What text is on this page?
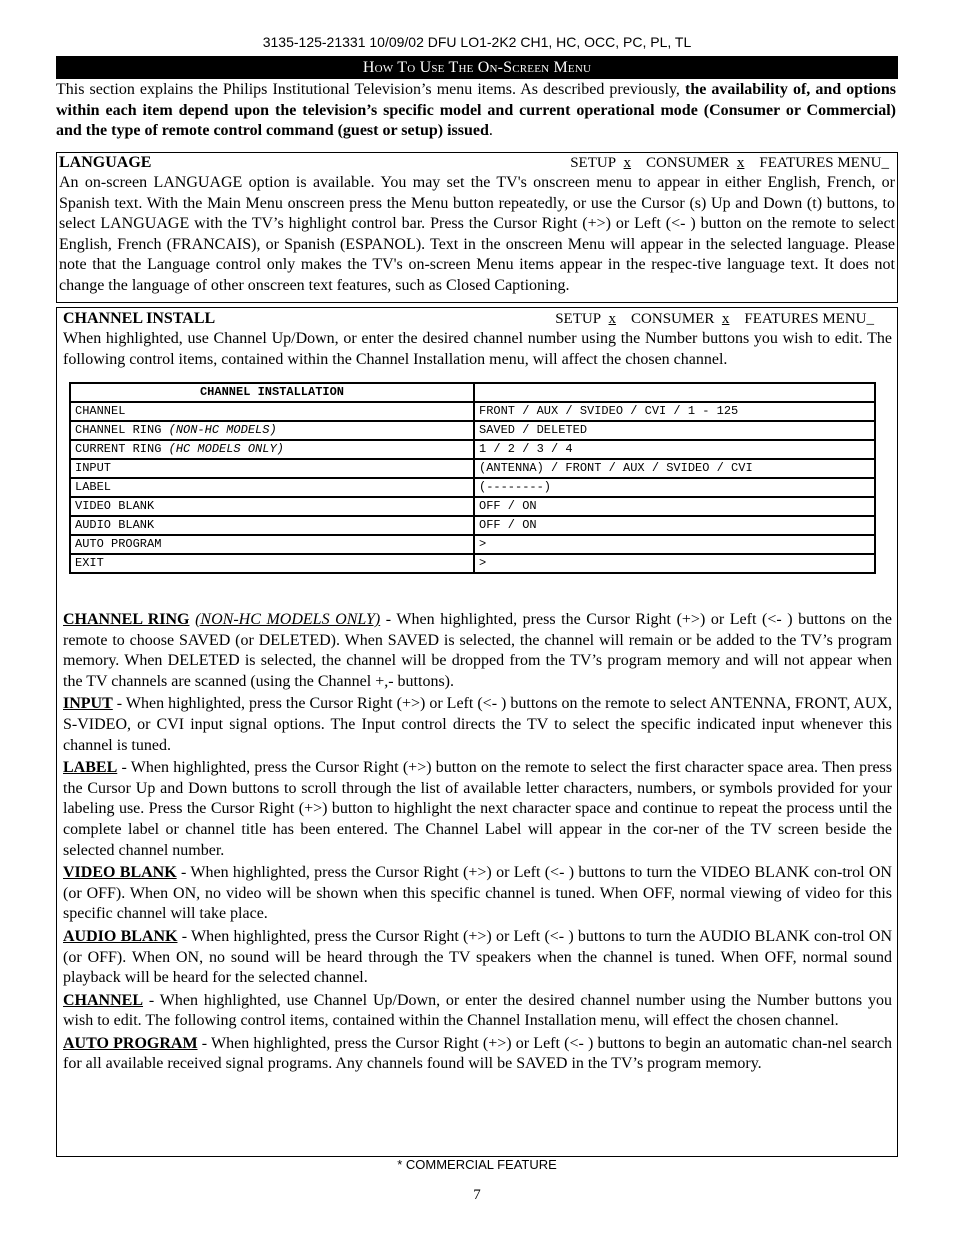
3135-125-21331 10/09/02 DFU LO1-2K2 CH1, HC, OCC, PC, PL, TL
How To Use The On-Screen Menu
This section explains the Philips Institutional Television’s menu items. As described previously, the availability of, and options within each item depend upon the television’s specific model and current operational mode (Consumer or Commercial) and the type of remote control command (guest or setup) issued.
LANGUAGE	SETUP x CONSUMER x FEATURES MENU_
An on-screen LANGUAGE option is available. You may set the TV's onscreen menu to appear in either English, French, or Spanish text. With the Main Menu onscreen press the Menu button repeatedly, or use the Cursor (s) Up and Down (t) buttons, to select LANGUAGE with the TV’s highlight control bar. Press the Cursor Right (+>) or Left (<- ) button on the remote to select English, French (FRANCAIS), or Spanish (ESPANOL). Text in the onscreen Menu will appear in the selected language. Please note that the Language control only makes the TV's on-screen Menu items appear in the respec-tive language text. It does not change the language of other onscreen text features, such as Closed Captioning.
CHANNEL INSTALL	SETUP x CONSUMER x FEATURES MENU_
When highlighted, use Channel Up/Down, or enter the desired channel number using the Number buttons you wish to edit. The following control items, contained within the Channel Installation menu, will affect the chosen channel.
CHANNEL INSTALLATION	
CHANNEL	FRONT / AUX / SVIDEO / CVI / 1 - 125
CHANNEL RING (NON-HC MODELS)	SAVED / DELETED
CURRENT RING (HC MODELS ONLY)	1 / 2 / 3 / 4
INPUT	(ANTENNA) / FRONT / AUX / SVIDEO / CVI
LABEL	(--------)
VIDEO BLANK	OFF / ON
AUDIO BLANK	OFF / ON
AUTO PROGRAM	>
EXIT	>

CHANNEL RING (NON-HC MODELS ONLY) - When highlighted, press the Cursor Right (+>) or Left (<- ) buttons on the remote to choose SAVED (or DELETED). When SAVED is selected, the channel will remain or be added to the TV’s program memory. When DELETED is selected, the channel will be dropped from the TV’s program memory and will not appear when the TV channels are scanned (using the Channel +,- buttons).

INPUT - When highlighted, press the Cursor Right (+>) or Left (<- ) buttons on the remote to select ANTENNA, FRONT, AUX, S-VIDEO, or CVI input signal options. The Input control directs the TV to select the specific indicated input whenever this channel is tuned.

LABEL - When highlighted, press the Cursor Right (+>) button on the remote to select the first character space area. Then press the Cursor Up and Down buttons to scroll through the list of available letter characters, numbers, or symbols provided for your labeling use. Press the Cursor Right (+>) button to highlight the next character space and continue to repeat the process until the complete label or channel title has been entered. The Channel Label will appear in the cor-ner of the TV screen beside the selected channel number.

VIDEO BLANK - When highlighted, press the Cursor Right (+>) or Left (<- ) buttons to turn the VIDEO BLANK con-trol ON (or OFF). When ON, no video will be shown when this specific channel is tuned. When OFF, normal viewing of video for this specific channel will take place.

AUDIO BLANK - When highlighted, press the Cursor Right (+>) or Left (<- ) buttons to turn the AUDIO BLANK con-trol ON (or OFF). When ON, no sound will be heard through the TV speakers when the channel is tuned. When OFF, normal sound playback will be heard for the selected channel.

CHANNEL - When highlighted, use Channel Up/Down, or enter the desired channel number using the Number buttons you wish to edit. The following control items, contained within the Channel Installation menu, will effect the chosen channel.

AUTO PROGRAM - When highlighted, press the Cursor Right (+>) or Left (<- ) buttons to begin an automatic chan-nel search for all available received signal programs. Any channels found will be SAVED in the TV’s program memory.

* COMMERCIAL FEATURE
7
